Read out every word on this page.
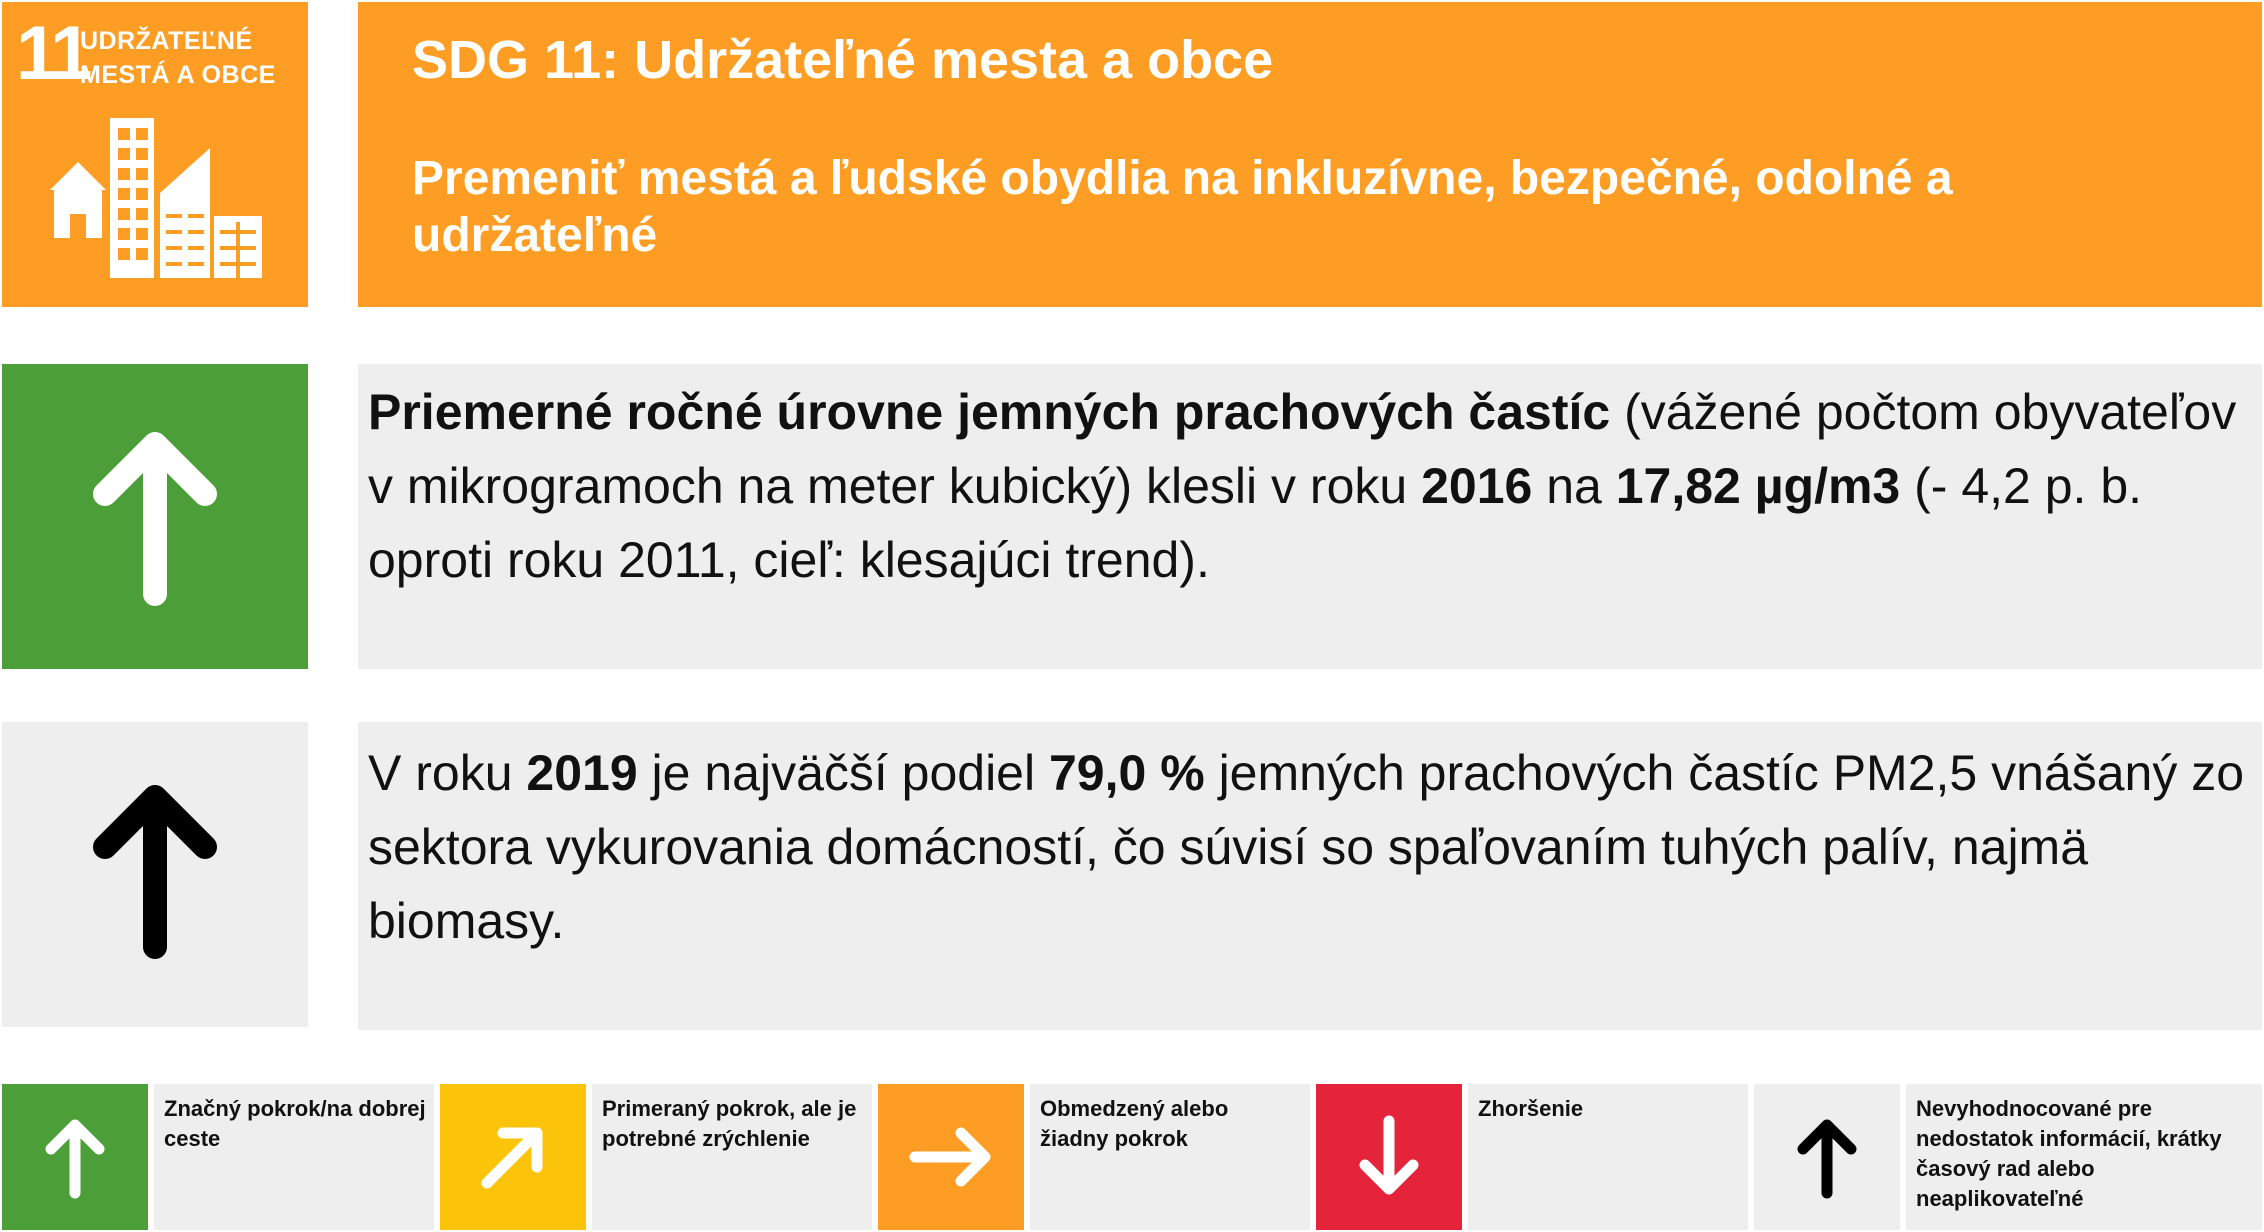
11
UDRŽATEĽNÉ
MESTÁ A OBCE	SDG 11: Udržateľné mesta a obce
Premeniť mestá a ľudské obydlia na inkluzívne, bezpečné, odolné a udržateľné
Priemerné ročné úrovne jemných prachových častíc (vážené počtom obyvateľov
v mikrogramoch na meter kubický) klesli v roku 2016 na 17,82 µg/m3 (- 4,2 p. b. oproti roku 2011, cieľ: klesajúci trend).
V roku 2019 je najväčší podiel 79,0 % jemných prachových častíc PM2,5 vnášaný zo sektora vykurovania domácností, čo súvisí so spaľovaním tuhých palív, najmä biomasy.
Značný pokrok/na dobrej ceste
Primeraný pokrok, ale je potrebné zrýchlenie
Obmedzený alebo žiadny pokrok
Zhoršenie	Nevyhodnocované pre nedostatok informácií, krátky časový rad alebo neaplikovateľné
